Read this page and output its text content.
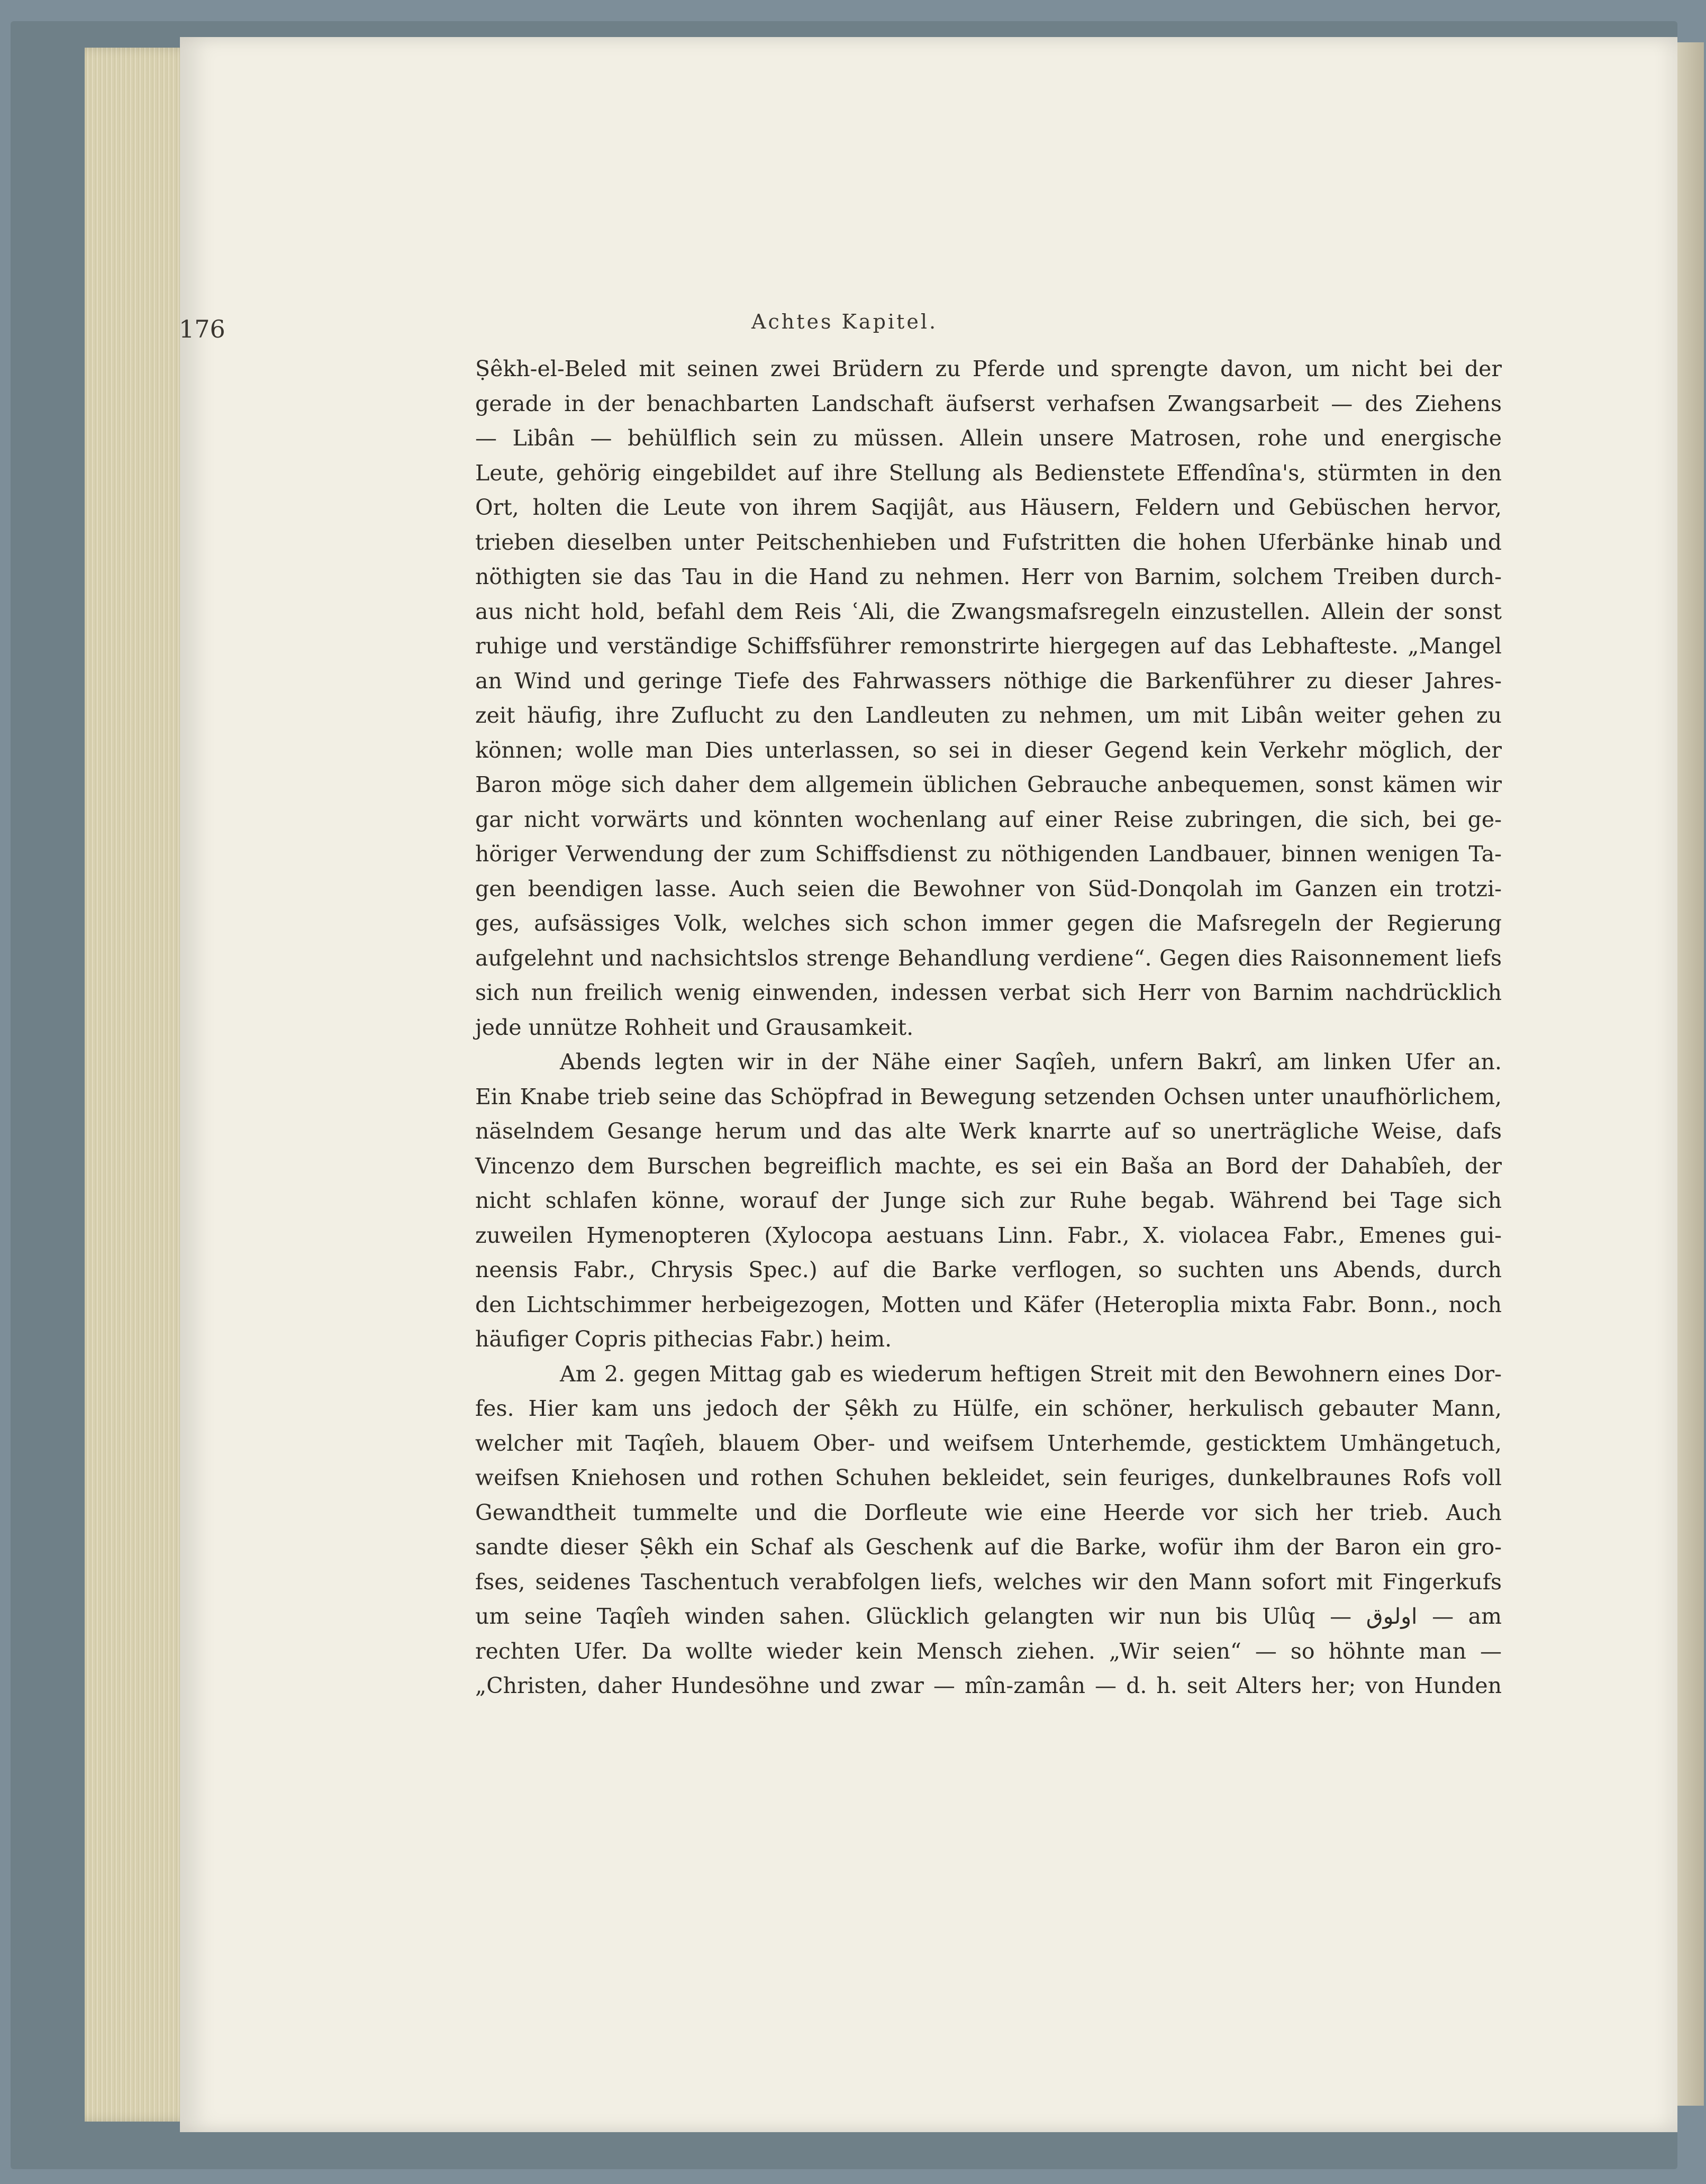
176	Achtes Kapitel.
Ṣêkh-el-Beled mit seinen zwei Brüdern zu Pferde und sprengte davon, um nicht bei der
gerade in der benachbarten Landschaft äufserst verhafsen Zwangsarbeit — des Ziehens
— Libân — behülflich sein zu müssen. Allein unsere Matrosen, rohe und energische
Leute, gehörig eingebildet auf ihre Stellung als Bedienstete Effendîna's, stürmten in den
Ort, holten die Leute von ihrem Saqijât, aus Häusern, Feldern und Gebüschen hervor,
trieben dieselben unter Peitschenhieben und Fufstritten die hohen Uferbänke hinab und
nöthigten sie das Tau in die Hand zu nehmen. Herr von Barnim, solchem Treiben durch-
aus nicht hold, befahl dem Reis ʿAli, die Zwangsmafsregeln einzustellen. Allein der sonst
ruhige und verständige Schiffsführer remonstrirte hiergegen auf das Lebhafteste. „Mangel
an Wind und geringe Tiefe des Fahrwassers nöthige die Barkenführer zu dieser Jahres-
zeit häufig, ihre Zuflucht zu den Landleuten zu nehmen, um mit Libân weiter gehen zu
können; wolle man Dies unterlassen, so sei in dieser Gegend kein Verkehr möglich, der
Baron möge sich daher dem allgemein üblichen Gebrauche anbequemen, sonst kämen wir
gar nicht vorwärts und könnten wochenlang auf einer Reise zubringen, die sich, bei ge-
höriger Verwendung der zum Schiffsdienst zu nöthigenden Landbauer, binnen wenigen Ta-
gen beendigen lasse. Auch seien die Bewohner von Süd-Donqolah im Ganzen ein trotzi-
ges, aufsässiges Volk, welches sich schon immer gegen die Mafsregeln der Regierung
aufgelehnt und nachsichtslos strenge Behandlung verdiene“. Gegen dies Raisonnement liefs
sich nun freilich wenig einwenden, indessen verbat sich Herr von Barnim nachdrücklich
jede unnütze Rohheit und Grausamkeit.
Abends legten wir in der Nähe einer Saqîeh, unfern Bakrî, am linken Ufer an.
Ein Knabe trieb seine das Schöpfrad in Bewegung setzenden Ochsen unter unaufhörlichem,
näselndem Gesange herum und das alte Werk knarrte auf so unerträgliche Weise, dafs
Vincenzo dem Burschen begreiflich machte, es sei ein Baša an Bord der Dahabîeh, der
nicht schlafen könne, worauf der Junge sich zur Ruhe begab. Während bei Tage sich
zuweilen Hymenopteren (Xylocopa aestuans Linn. Fabr., X. violacea Fabr., Emenes gui-
neensis Fabr., Chrysis Spec.) auf die Barke verflogen, so suchten uns Abends, durch
den Lichtschimmer herbeigezogen, Motten und Käfer (Heteroplia mixta Fabr. Bonn., noch
häufiger Copris pithecias Fabr.) heim.
Am 2. gegen Mittag gab es wiederum heftigen Streit mit den Bewohnern eines Dor-
fes. Hier kam uns jedoch der Ṣêkh zu Hülfe, ein schöner, herkulisch gebauter Mann,
welcher mit Taqîeh, blauem Ober- und weifsem Unterhemde, gesticktem Umhängetuch,
weifsen Kniehosen und rothen Schuhen bekleidet, sein feuriges, dunkelbraunes Rofs voll
Gewandtheit tummelte und die Dorfleute wie eine Heerde vor sich her trieb. Auch
sandte dieser Ṣêkh ein Schaf als Geschenk auf die Barke, wofür ihm der Baron ein gro-
fses, seidenes Taschentuch verabfolgen liefs, welches wir den Mann sofort mit Fingerkufs
um seine Taqîeh winden sahen. Glücklich gelangten wir nun bis Ulûq — اولوق — am
rechten Ufer. Da wollte wieder kein Mensch ziehen. „Wir seien“ — so höhnte man —
„Christen, daher Hundesöhne und zwar — mîn-zamân — d. h. seit Alters her; von Hunden
